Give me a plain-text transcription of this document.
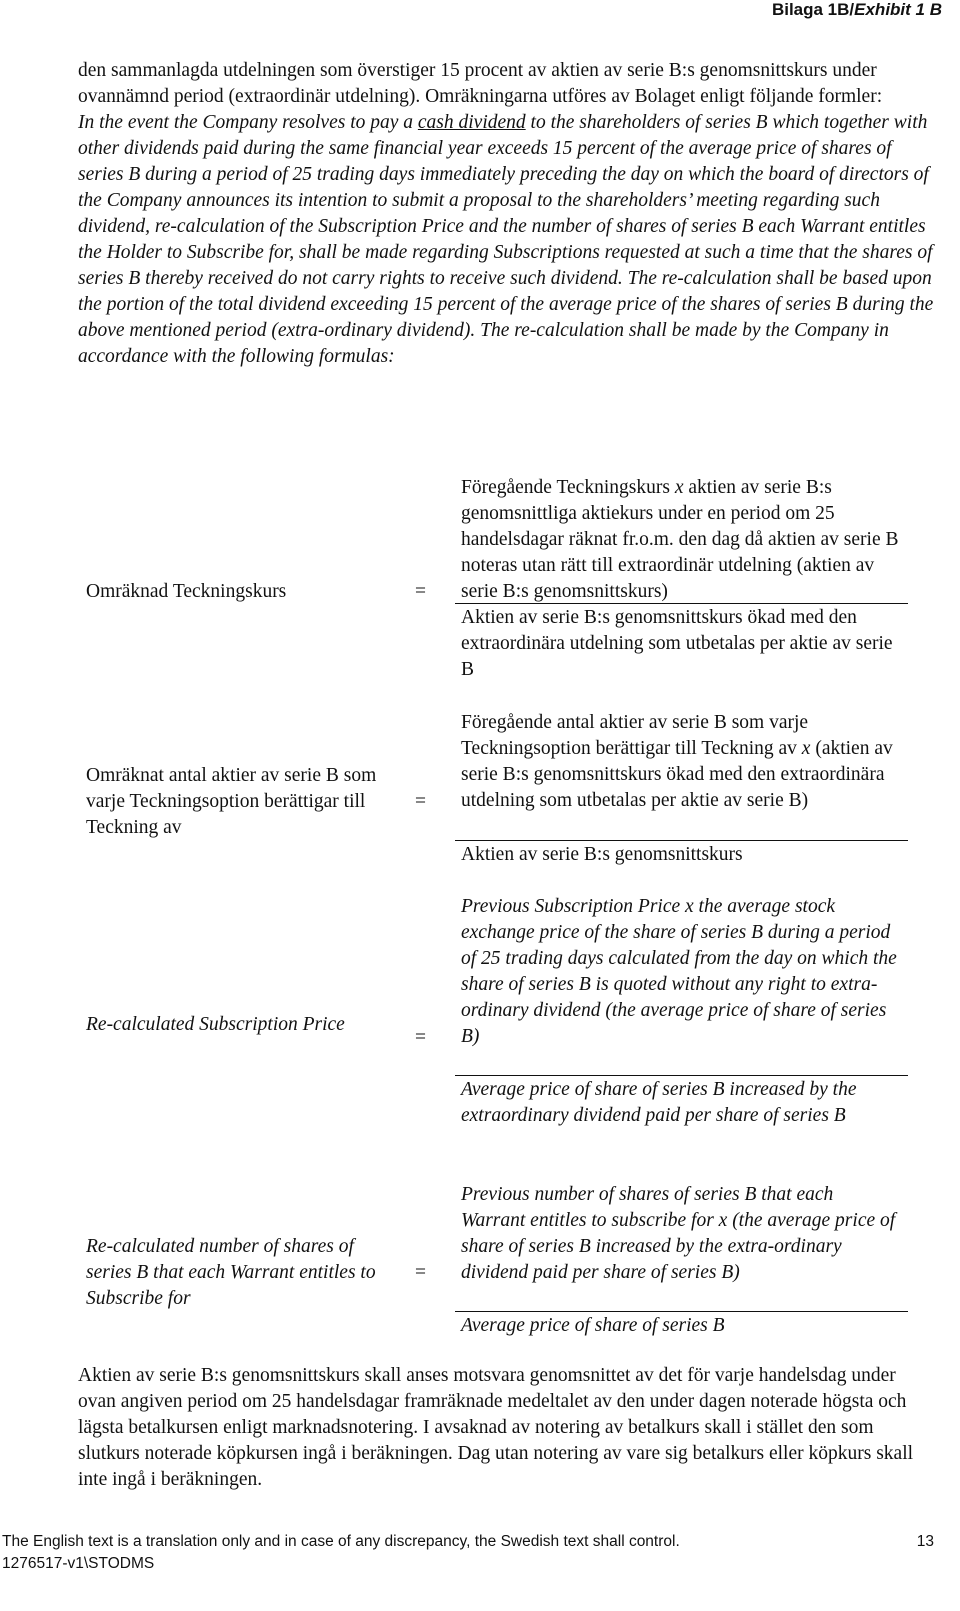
Bilaga 1B/Exhibit 1 B

den sammanlagda utdelningen som överstiger 15 procent av aktien av serie B:s genomsnittskurs under ovannämnd period (extraordinär utdelning). Omräkningarna utföres av Bolaget enligt följande formler:

In the event the Company resolves to pay a cash dividend to the shareholders of series B which together with other dividends paid during the same financial year exceeds 15 percent of the average price of shares of series B during a period of 25 trading days immediately preceding the day on which the board of directors of the Company announces its intention to submit a proposal to the shareholders’ meeting regarding such dividend, re-calculation of the Subscription Price and the number of shares of series B each Warrant entitles the Holder to Subscribe for, shall be made regarding Subscriptions requested at such a time that the shares of series B thereby received do not carry rights to receive such dividend. The re-calculation shall be based upon the portion of the total dividend exceeding 15 percent of the average price of the shares of series B during the above mentioned period (extra-ordinary dividend). The re-calculation shall be made by the Company in accordance with the following formulas:

Omräknad Teckningskurs	=
Föregående Teckningskurs x aktien av serie B:s genomsnittliga aktiekurs under en period om 25 handelsdagar räknat fr.o.m. den dag då aktien av serie B noteras utan rätt till extraordinär utdelning (aktien av serie B:s genomsnittskurs)
Aktien av serie B:s genomsnittskurs ökad med den extraordinära utdelning som utbetalas per aktie av serie B
Omräknat antal aktier av serie B som varje Teckningsoption berättigar till Teckning av
=
Föregående antal aktier av serie B som varje Teckningsoption berättigar till Teckning av x (aktien av serie B:s genomsnittskurs ökad med den extraordinära utdelning som utbetalas per aktie av serie B)
Aktien av serie B:s genomsnittskurs
Re-calculated Subscription Price
=
Previous Subscription Price x the average stock exchange price of the share of series B during a period of 25 trading days calculated from the day on which the share of series B is quoted without any right to extra-ordinary dividend (the average price of share of series B)
Average price of share of series B increased by the extraordinary dividend paid per share of series B
Re-calculated number of shares of series B that each Warrant entitles to Subscribe for
=
Previous number of shares of series B that each Warrant entitles to subscribe for x (the average price of share of series B increased by the extra-ordinary dividend paid per share of series B)
Average price of share of series B
Aktien av serie B:s genomsnittskurs skall anses motsvara genomsnittet av det för varje handelsdag under ovan angiven period om 25 handelsdagar framräknade medeltalet av den under dagen noterade högsta och lägsta betalkursen enligt marknadsnotering. I avsaknad av notering av betalkurs skall i stället den som slutkurs noterade köpkursen ingå i beräkningen. Dag utan notering av vare sig betalkurs eller köpkurs skall inte ingå i beräkningen.
The English text is a translation only and in case of any discrepancy, the Swedish text shall control.	13
1276517-v1\STODMS
